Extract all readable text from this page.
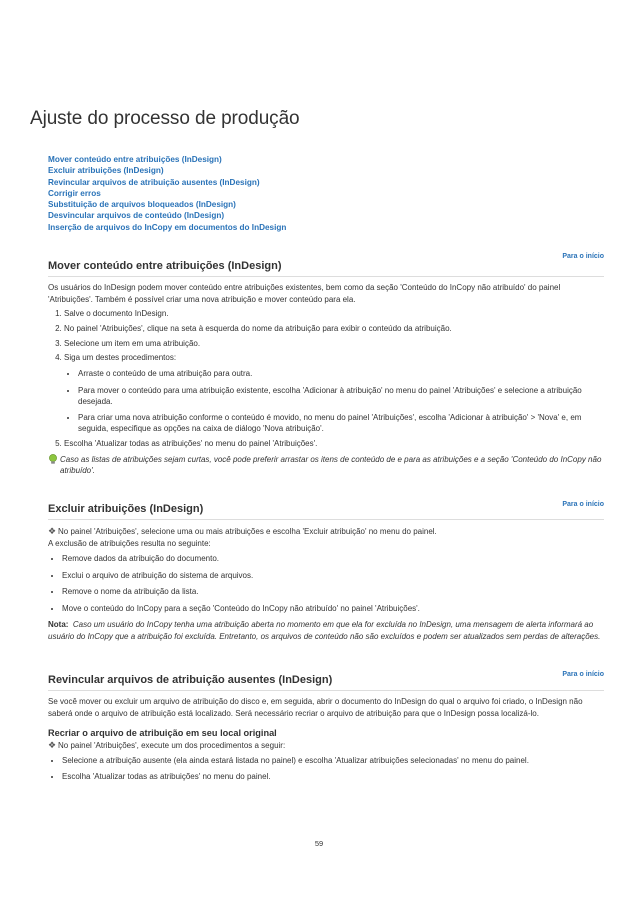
Ajuste do processo de produção
Mover conteúdo entre atribuições (InDesign)
Excluir atribuições (InDesign)
Revincular arquivos de atribuição ausentes (InDesign)
Corrigir erros
Substituição de arquivos bloqueados (InDesign)
Desvincular arquivos de conteúdo (InDesign)
Inserção de arquivos do InCopy em documentos do InDesign
Para o início
Mover conteúdo entre atribuições (InDesign)

Os usuários do InDesign podem mover conteúdo entre atribuições existentes, bem como da seção 'Conteúdo do InCopy não atribuído' do painel 'Atribuições'. Também é possível criar uma nova atribuição e mover conteúdo para ela.

1. Salve o documento InDesign.
2. No painel 'Atribuições', clique na seta à esquerda do nome da atribuição para exibir o conteúdo da atribuição.
3. Selecione um item em uma atribuição.
4. Siga um destes procedimentos:
• Arraste o conteúdo de uma atribuição para outra.
• Para mover o conteúdo para uma atribuição existente, escolha 'Adicionar à atribuição' no menu do painel 'Atribuições' e selecione a atribuição desejada.
• Para criar uma nova atribuição conforme o conteúdo é movido, no menu do painel 'Atribuições', escolha 'Adicionar à atribuição' > 'Nova' e, em seguida, especifique as opções na caixa de diálogo 'Nova atribuição'.
5. Escolha 'Atualizar todas as atribuições' no menu do painel 'Atribuições'.

Caso as listas de atribuições sejam curtas, você pode preferir arrastar os itens de conteúdo de e para as atribuições e a seção 'Conteúdo do InCopy não atribuído'.

Para o início
Excluir atribuições (InDesign)

❖ No painel 'Atribuições', selecione uma ou mais atribuições e escolha 'Excluir atribuição' no menu do painel.

A exclusão de atribuições resulta no seguinte:

• Remove dados da atribuição do documento.
• Exclui o arquivo de atribuição do sistema de arquivos.
• Remove o nome da atribuição da lista.
• Move o conteúdo do InCopy para a seção 'Conteúdo do InCopy não atribuído' no painel 'Atribuições'.

Nota: Caso um usuário do InCopy tenha uma atribuição aberta no momento em que ela for excluída no InDesign, uma mensagem de alerta informará ao usuário do InCopy que a atribuição foi excluída. Entretanto, os arquivos de conteúdo não são excluídos e podem ser atualizados sem perdas de alterações.

Para o início
Revincular arquivos de atribuição ausentes (InDesign)

Se você mover ou excluir um arquivo de atribuição do disco e, em seguida, abrir o documento do InDesign do qual o arquivo foi criado, o InDesign não saberá onde o arquivo de atribuição está localizado. Será necessário recriar o arquivo de atribuição para que o InDesign possa localizá-lo.

Recriar o arquivo de atribuição em seu local original

❖ No painel 'Atribuições', execute um dos procedimentos a seguir:

• Selecione a atribuição ausente (ela ainda estará listada no painel) e escolha 'Atualizar atribuições selecionadas' no menu do painel.
• Escolha 'Atualizar todas as atribuições' no menu do painel.
59
